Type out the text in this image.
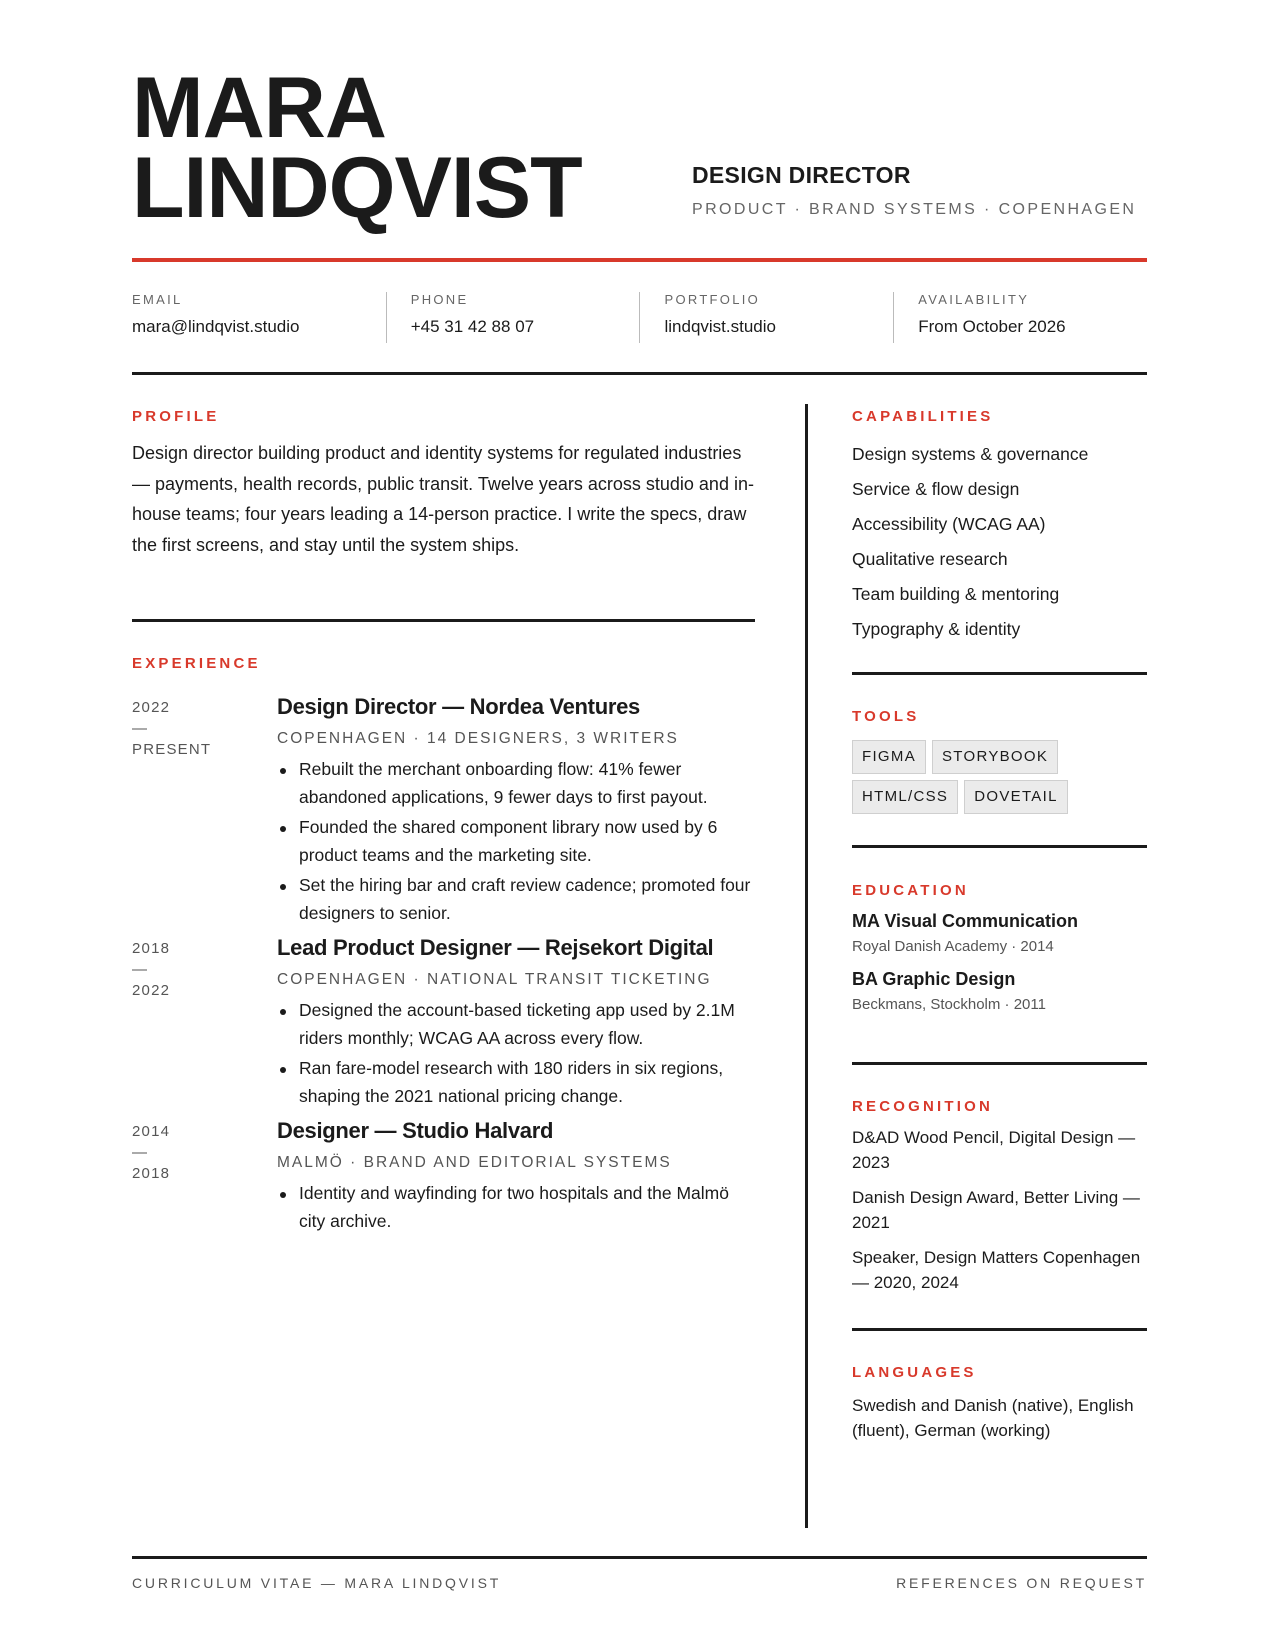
MARA
LINDQVIST	DESIGN DIRECTOR
PRODUCT · BRAND SYSTEMS · COPENHAGEN
EMAIL
mara@lindqvist.studio
PHONE
+45 31 42 88 07
PORTFOLIO
lindqvist.studio
AVAILABILITY
From October 2026
PROFILE

Design director building product and identity systems for regulated industries — payments, health records, public transit. Twelve years across studio and in-house teams; four years leading a 14-person practice. I write the specs, draw the first screens, and stay until the system ships.

EXPERIENCE
2022
—
PRESENT
Design Director — Nordea Ventures
COPENHAGEN · 14 DESIGNERS, 3 WRITERS
Rebuilt the merchant onboarding flow: 41% fewer abandoned applications, 9 fewer days to first payout.
Founded the shared component library now used by 6 product teams and the marketing site.
Set the hiring bar and craft review cadence; promoted four designers to senior.
2018
—
2022
Lead Product Designer — Rejsekort Digital
COPENHAGEN · NATIONAL TRANSIT TICKETING
Designed the account-based ticketing app used by 2.1M riders monthly; WCAG AA across every flow.
Ran fare-model research with 180 riders in six regions, shaping the 2021 national pricing change.
2014
—
2018
Designer — Studio Halvard
MALMÖ · BRAND AND EDITORIAL SYSTEMS
Identity and wayfinding for two hospitals and the Malmö city archive.
CAPABILITIES
Design systems & governance
Service & flow design
Accessibility (WCAG AA)
Qualitative research
Team building & mentoring
Typography & identity
TOOLS
FIGMA	STORYBOOK
HTML/CSS	DOVETAIL
EDUCATION
MA Visual Communication
Royal Danish Academy · 2014
BA Graphic Design
Beckmans, Stockholm · 2011
RECOGNITION
D&AD Wood Pencil, Digital Design — 2023
Danish Design Award, Better Living — 2021
Speaker, Design Matters Copenhagen — 2020, 2024
LANGUAGES
Swedish and Danish (native), English (fluent), German (working)
CURRICULUM VITAE — MARA LINDQVIST	REFERENCES ON REQUEST
